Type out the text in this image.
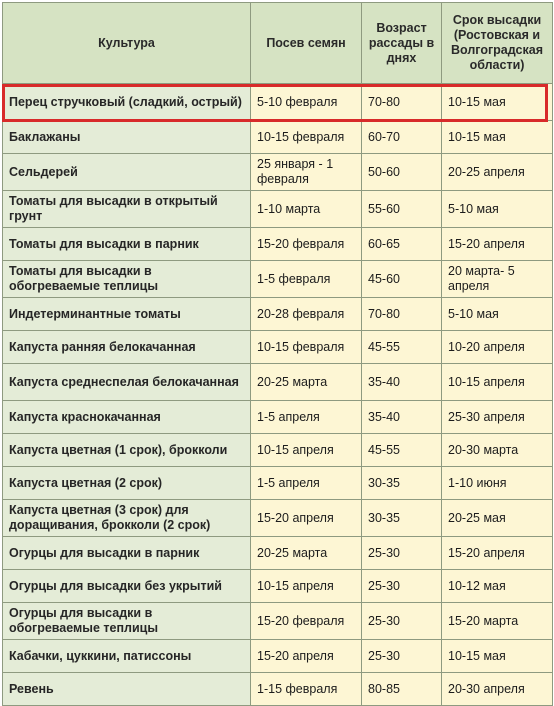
Культура	Посев семян	Возраст рассады в днях	Срок высадки (Ростовская и Волгоградская области)
Перец стручковый (сладкий, острый)	5-10 февраля	70-80	10-15 мая
Баклажаны	10-15 февраля	60-70	10-15 мая
Сельдерей	25 января - 1 февраля	50-60	20-25 апреля
Томаты для высадки в открытый грунт	1-10 марта	55-60	5-10 мая
Томаты для высадки в парник	15-20 февраля	60-65	15-20 апреля
Томаты для высадки в обогреваемые теплицы	1-5 февраля	45-60	20 марта- 5 апреля
Индетерминантные томаты	20-28 февраля	70-80	5-10 мая
Капуста ранняя белокачанная	10-15 февраля	45-55	10-20 апреля
Капуста среднеспелая белокачанная	20-25 марта	35-40	10-15 апреля
Капуста краснокачанная	1-5 апреля	35-40	25-30 апреля
Капуста цветная (1 срок), брокколи	10-15 апреля	45-55	20-30 марта
Капуста цветная (2 срок)	1-5 апреля	30-35	1-10 июня
Капуста цветная (3 срок) для доращивания, брокколи (2 срок)	15-20 апреля	30-35	20-25 мая
Огурцы для высадки в парник	20-25 марта	25-30	15-20 апреля
Огурцы для высадки без укрытий	10-15 апреля	25-30	10-12 мая
Огурцы для высадки в обогреваемые теплицы	15-20 февраля	25-30	15-20 марта
Кабачки, цуккини, патиссоны	15-20 апреля	25-30	10-15 мая
Ревень	1-15 февраля	80-85	20-30 апреля
